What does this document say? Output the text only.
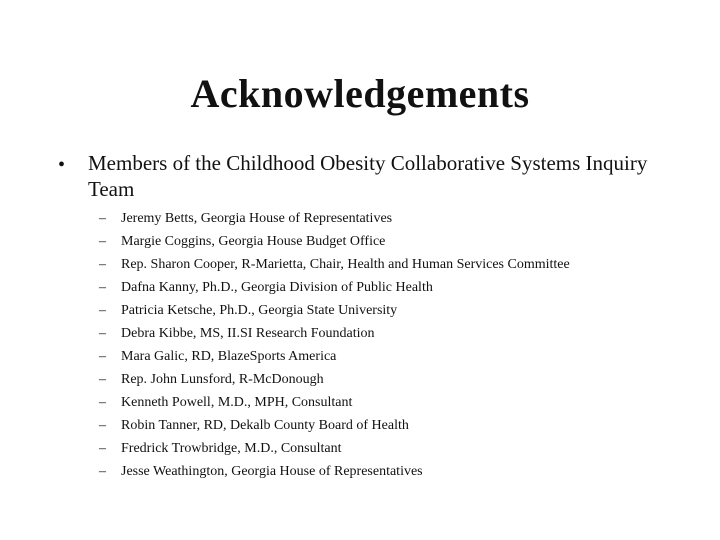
Acknowledgements
• Members of the Childhood Obesity Collaborative Systems Inquiry Team
–	Jeremy Betts, Georgia House of Representatives
–	Margie Coggins, Georgia House Budget Office
–	Rep. Sharon Cooper, R-Marietta, Chair, Health and Human Services Committee
–	Dafna Kanny, Ph.D., Georgia Division of Public Health
–	Patricia Ketsche, Ph.D., Georgia State University
–	Debra Kibbe, MS, II.SI Research Foundation
–	Mara Galic, RD, BlazeSports America
–	Rep. John Lunsford, R-McDonough
–	Kenneth Powell, M.D., MPH, Consultant
–	Robin Tanner, RD, Dekalb County Board of Health
–	Fredrick Trowbridge, M.D., Consultant
–	Jesse Weathington, Georgia House of Representatives
